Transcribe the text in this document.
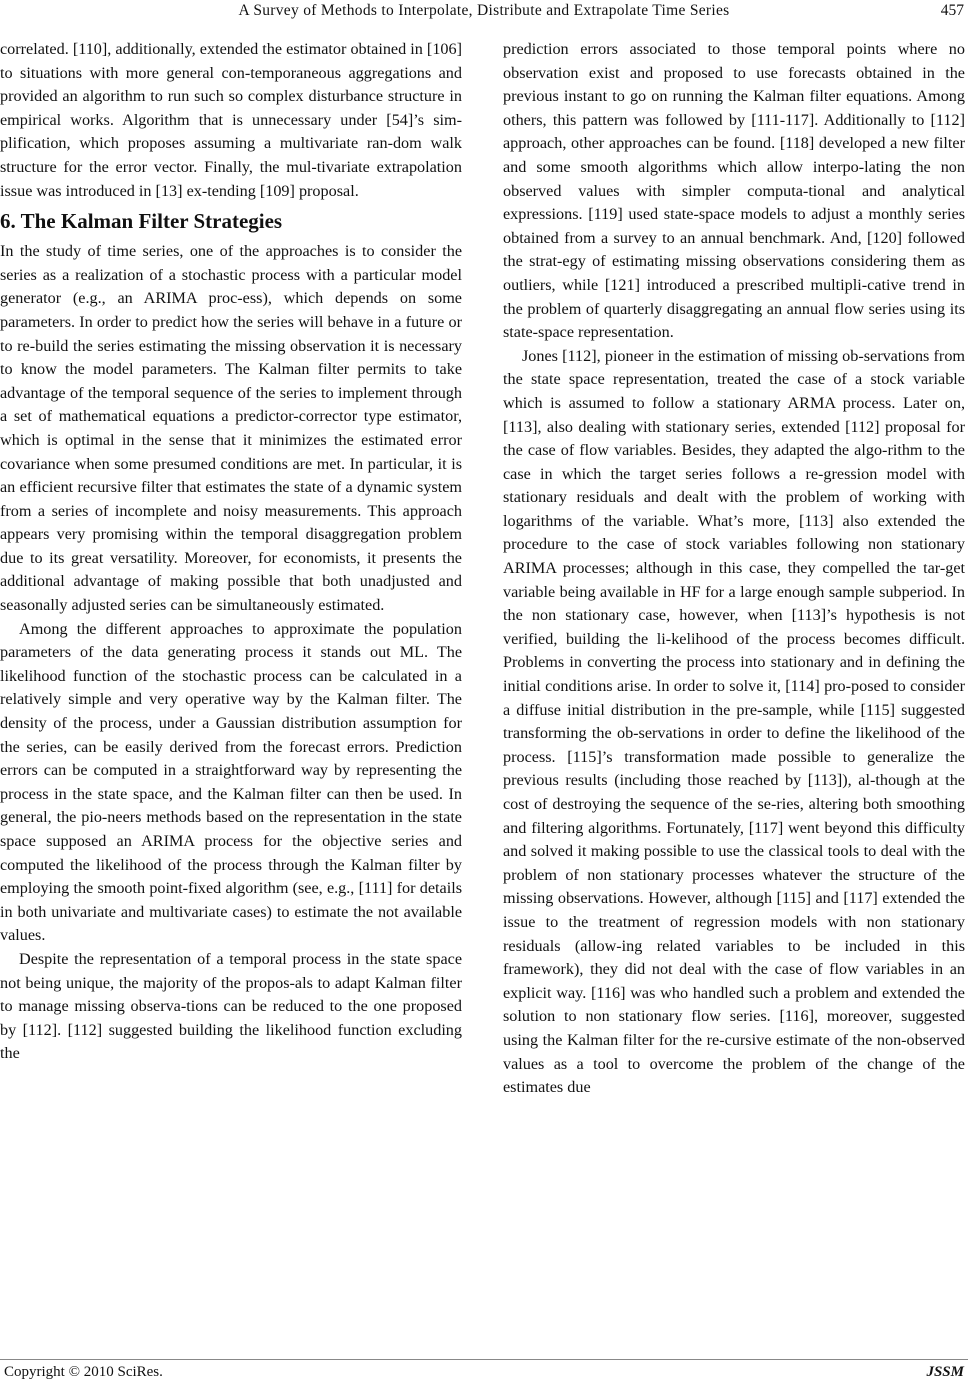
A Survey of Methods to Interpolate, Distribute and Extrapolate Time Series	457

correlated. [110], additionally, extended the estimator obtained in [106] to situations with more general con-temporaneous aggregations and provided an algorithm to run such so complex disturbance structure in empirical works. Algorithm that is unnecessary under [54]’s sim-plification, which proposes assuming a multivariate ran-dom walk structure for the error vector. Finally, the mul-tivariate extrapolation issue was introduced in [13] ex-tending [109] proposal.

6. The Kalman Filter Strategies

In the study of time series, one of the approaches is to consider the series as a realization of a stochastic process with a particular model generator (e.g., an ARIMA proc-ess), which depends on some parameters. In order to predict how the series will behave in a future or to re-build the series estimating the missing observation it is necessary to know the model parameters. The Kalman filter permits to take advantage of the temporal sequence of the series to implement through a set of mathematical equations a predictor-corrector type estimator, which is optimal in the sense that it minimizes the estimated error covariance when some presumed conditions are met. In particular, it is an efficient recursive filter that estimates the state of a dynamic system from a series of incomplete and noisy measurements. This approach appears very promising within the temporal disaggregation problem due to its great versatility. Moreover, for economists, it presents the additional advantage of making possible that both unadjusted and seasonally adjusted series can be simultaneously estimated.

Among the different approaches to approximate the population parameters of the data generating process it stands out ML. The likelihood function of the stochastic process can be calculated in a relatively simple and very operative way by the Kalman filter. The density of the process, under a Gaussian distribution assumption for the series, can be easily derived from the forecast errors. Prediction errors can be computed in a straightforward way by representing the process in the state space, and the Kalman filter can then be used. In general, the pio-neers methods based on the representation in the state space supposed an ARIMA process for the objective series and computed the likelihood of the process through the Kalman filter by employing the smooth point-fixed algorithm (see, e.g., [111] for details in both univariate and multivariate cases) to estimate the not available values.

Despite the representation of a temporal process in the state space not being unique, the majority of the propos-als to adapt Kalman filter to manage missing observa-tions can be reduced to the one proposed by [112]. [112] suggested building the likelihood function excluding the

prediction errors associated to those temporal points where no observation exist and proposed to use forecasts obtained in the previous instant to go on running the Kalman filter equations. Among others, this pattern was followed by [111-117]. Additionally to [112] approach, other approaches can be found. [118] developed a new filter and some smooth algorithms which allow interpo-lating the non observed values with simpler computa-tional and analytical expressions. [119] used state-space models to adjust a monthly series obtained from a survey to an annual benchmark. And, [120] followed the strat-egy of estimating missing observations considering them as outliers, while [121] introduced a prescribed multipli-cative trend in the problem of quarterly disaggregating an annual flow series using its state-space representation.

Jones [112], pioneer in the estimation of missing ob-servations from the state space representation, treated the case of a stock variable which is assumed to follow a stationary ARMA process. Later on, [113], also dealing with stationary series, extended [112] proposal for the case of flow variables. Besides, they adapted the algo-rithm to the case in which the target series follows a re-gression model with stationary residuals and dealt with the problem of working with logarithms of the variable. What’s more, [113] also extended the procedure to the case of stock variables following non stationary ARIMA processes; although in this case, they compelled the tar-get variable being available in HF for a large enough sample subperiod. In the non stationary case, however, when [113]’s hypothesis is not verified, building the li-kelihood of the process becomes difficult. Problems in converting the process into stationary and in defining the initial conditions arise. In order to solve it, [114] pro-posed to consider a diffuse initial distribution in the pre-sample, while [115] suggested transforming the ob-servations in order to define the likelihood of the process. [115]’s transformation made possible to generalize the previous results (including those reached by [113]), al-though at the cost of destroying the sequence of the se-ries, altering both smoothing and filtering algorithms. Fortunately, [117] went beyond this difficulty and solved it making possible to use the classical tools to deal with the problem of non stationary processes whatever the structure of the missing observations. However, although [115] and [117] extended the issue to the treatment of regression models with non stationary residuals (allow-ing related variables to be included in this framework), they did not deal with the case of flow variables in an explicit way. [116] was who handled such a problem and extended the solution to non stationary flow series. [116], moreover, suggested using the Kalman filter for the re-cursive estimate of the non-observed values as a tool to overcome the problem of the change of the estimates due

Copyright © 2010 SciRes.	JSSM
